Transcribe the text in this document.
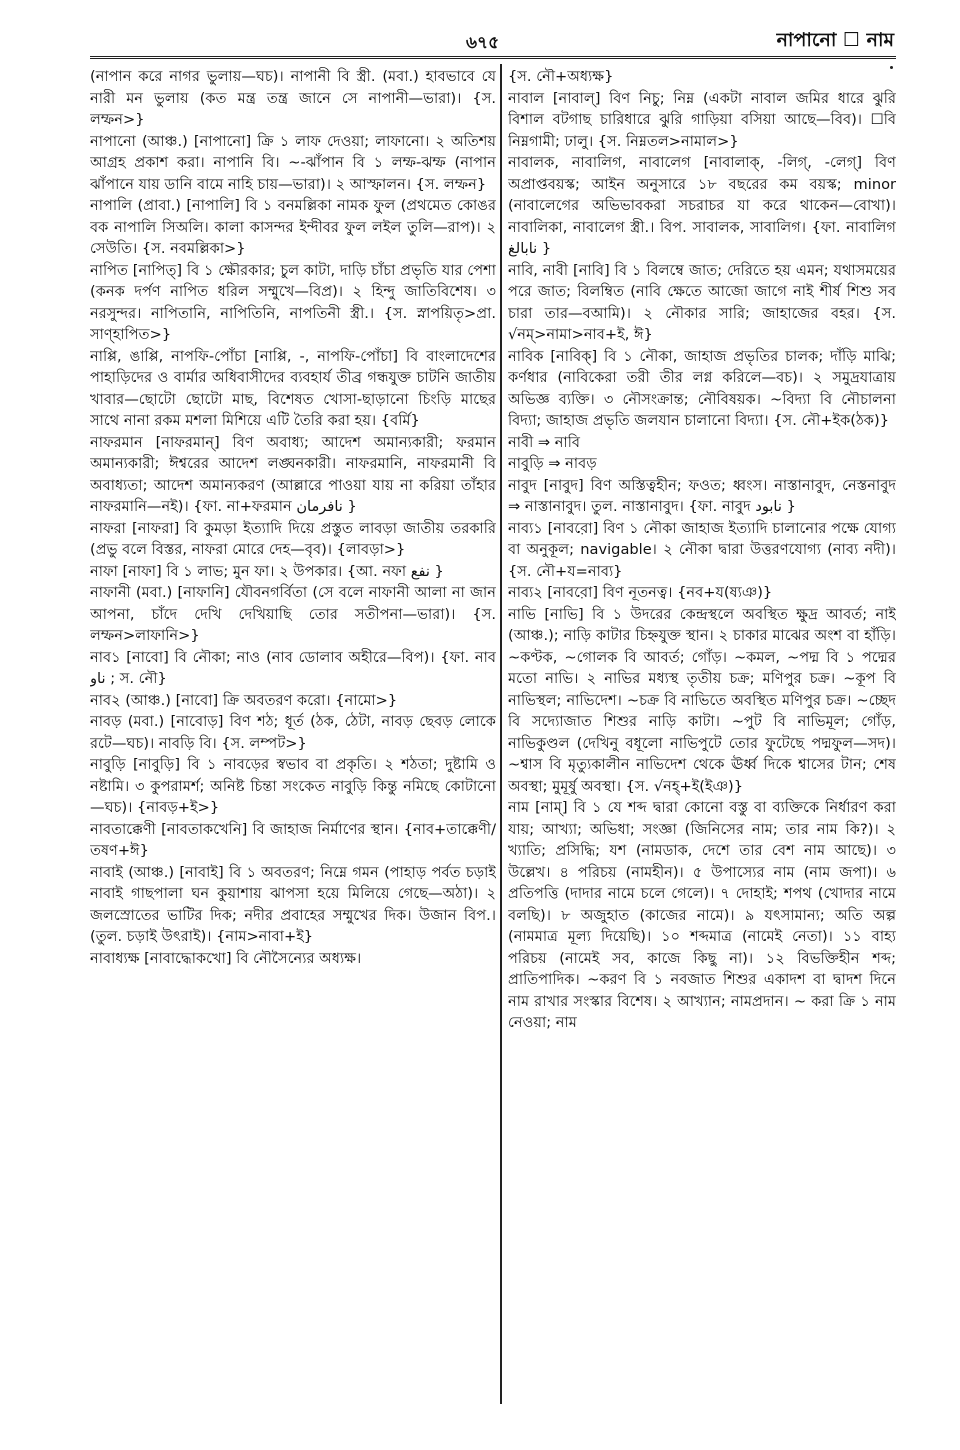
৬৭৫	নাপানো ☐ নাম

(নাপান করে নাগর ভুলায়—ঘচ)। নাপানী বি স্ত্রী. (মবা.) হাবভাবে যে নারী মন ভুলায় (কত মন্ত্র তন্ত্র জানে সে নাপানী—ভারা)। {স. লম্ফন>}

নাপানো (আঞ্চ.) [নাপানো] ক্রি ১ লাফ দেওয়া; লাফানো। ২ অতিশয় আগ্রহ প্রকাশ করা। নাপানি বি। ~-ঝাঁপান বি ১ লম্ফ-ঝম্ফ (নাপান ঝাঁপানে যায় ডানি বামে নাহি চায়—ভারা)। ২ আস্ফালন। {স. লম্ফন}

নাপালি (প্রাবা.) [নাপালি] বি ১ বনমল্লিকা নামক ফুল (প্রথমেত কোঙর বক নাপালি সিঅলি। কালা কাসন্দর ইন্দীবর ফুল লইল তুলি—রাপ)। ২ সেউতি। {স. নবমল্লিকা>}

নাপিত [নাপিত্] বি ১ ক্ষৌরকার; চুল কাটা, দাড়ি চাঁচা প্রভৃতি যার পেশা (কনক দর্পণ নাপিত ধরিল সম্মুখে—বিপ্র)। ২ হিন্দু জাতিবিশেষ। ৩ নরসুন্দর। নাপিতানি, নাপিতিনি, নাপতিনী স্ত্রী.। {স. স্নাপয়িতৃ>প্রা. সাণ্হাপিত>}

নাপ্পি, ঙাপ্পি, নাপফি-পোঁচা [নাপ্পি, -, নাপফি-পোঁচা] বি বাংলাদেশের পাহাড়িদের ও বার্মার অধিবাসীদের ব্যবহার্য তীব্র গন্ধযুক্ত চাটনি জাতীয় খাবার—ছোটো ছোটো মাছ, বিশেষত খোসা-ছাড়ানো চিংড়ি মাছের সাথে নানা রকম মশলা মিশিয়ে এটি তৈরি করা হয়। {বর্মি}

নাফরমান [নাফরমান্] বিণ অবাধ্য; আদেশ অমান্যকারী; ফরমান অমান্যকারী; ঈশ্বরের আদেশ লঙ্ঘনকারী। নাফরমানি, নাফরমানী বি অবাধ্যতা; আদেশ অমান্যকরণ (আল্লারে পাওয়া যায় না করিয়া তাঁহার নাফরমানি—নই)। {ফা. না+ফরমান نافرمان }

নাফরা [নাফরা] বি কুমড়া ইত্যাদি দিয়ে প্রস্তুত লাবড়া জাতীয় তরকারি (প্রভু বলে বিস্তর, নাফরা মোরে দেহ—বৃব)। {লাবড়া>}

নাফা [নাফা] বি ১ লাভ; মুন ফা। ২ উপকার। {আ. নফা نفع }

নাফানী (মবা.) [নাফানি] যৌবনগর্বিতা (সে বলে নাফানী আলা না জান আপনা, চাঁদে দেখি দেখিয়াছি তোর সতীপনা—ভারা)। {স. লম্ফন>লাফানি>}

নাব১ [নাবো] বি নৌকা; নাও (নাব ডোলাব অহীরে—বিপ)। {ফা. নাব ناو ; স. নৌ}

নাব২ (আঞ্চ.) [নাবো] ক্রি অবতরণ করো। {নামো>}

নাবড় (মবা.) [নাবোড়] বিণ শঠ; ধূর্ত (ঠক, ঠেটা, নাবড় ছেবড় লোকে রটে—ঘচ)। নাবড়ি বি। {স. লম্পট>}

নাবুড়ি [নাবুড়ি] বি ১ নাবড়ের স্বভাব বা প্রকৃতি। ২ শঠতা; দুষ্টামি ও নষ্টামি। ৩ কুপরামর্শ; অনিষ্ট চিন্তা সংকেত নাবুড়ি কিন্তু নমিছে কোটানো—ঘচ)। {নাবড়+ই>}

নাবতাক্কেণী [নাবতাকখেনি] বি জাহাজ নির্মাণের স্থান। {নাব+তাক্কেণী/তষণ+ঈ}

নাবাই (আঞ্চ.) [নাবাই] বি ১ অবতরণ; নিম্নে গমন (পাহাড় পর্বত চড়াই নাবাই গাছপালা ঘন কুয়াশায় ঝাপসা হয়ে মিলিয়ে গেছে—অঠা)। ২ জলস্রোতের ভাটির দিক; নদীর প্রবাহের সম্মুখের দিক। উজান বিপ.। (তুল. চড়াই উৎরাই)। {নাম>নাবা+ই}

নাবাধ্যক্ষ [নাবাদ্ধোকখো] বি নৌসৈন্যের অধ্যক্ষ।

{স. নৌ+অধ্যক্ষ}

নাবাল [নাবাল্] বিণ নিচু; নিম্ন (একটা নাবাল জমির ধারে ঝুরি বিশাল বটগাছ চারিধারে ঝুরি গাড়িয়া বসিয়া আছে—বিব)। ☐বি নিম্নগামী; ঢালু। {স. নিম্নতল>নামাল>}

নাবালক, নাবালিগ, নাবালেগ [নাবালাক্, -লিগ্, -লেগ্] বিণ অপ্রাপ্তবয়স্ক; আইন অনুসারে ১৮ বছরের কম বয়স্ক; minor (নাবালেগের অভিভাবকরা সচরাচর যা করে থাকেন—বোখা)। নাবালিকা, নাবালেগ স্ত্রী.। বিপ. সাবালক, সাবালিগ। {ফা. নাবালিগ نابالغ }

নাবি, নাবী [নাবি] বি ১ বিলম্বে জাত; দেরিতে হয় এমন; যথাসময়ের পরে জাত; বিলম্বিত (নাবি ক্ষেতে আজো জাগে নাই শীর্ষ শিশু সব চারা তার—বআমি)। ২ নৌকার সারি; জাহাজের বহর। {স. √নম্>নামা>নাব+ই, ঈ}

নাবিক [নাবিক্] বি ১ নৌকা, জাহাজ প্রভৃতির চালক; দাঁড়ি মাঝি; কর্ণধার (নাবিকেরা তরী তীর লগ্ন করিলে—বচ)। ২ সমুদ্রযাত্রায় অভিজ্ঞ ব্যক্তি। ৩ নৌসংক্রান্ত; নৌবিষয়ক। ~বিদ্যা বি নৌচালনা বিদ্যা; জাহাজ প্রভৃতি জলযান চালানো বিদ্যা। {স. নৌ+ইক(ঠক)}

নাবী ⇒ নাবি

নাবুড়ি ⇒ নাবড়

নাবুদ [নাবুদ] বিণ অস্তিত্বহীন; ফওত; ধ্বংস। নাস্তানাবুদ, নেস্তনাবুদ ⇒ নাস্তানাবুদ। তুল. নাস্তানাবুদ। {ফা. নাবুদ نابود }

নাব্য১ [নাবব়ো] বিণ ১ নৌকা জাহাজ ইত্যাদি চালানোর পক্ষে যোগ্য বা অনুকূল; navigable। ২ নৌকা দ্বারা উত্তরণযোগ্য (নাব্য নদী)। {স. নৌ+য=নাব্য}

নাব্য২ [নাবব়ো] বিণ নূতনত্ব। {নব+য(ষ্যঞ)}

নাভি [নাভি] বি ১ উদরের কেন্দ্রস্থলে অবস্থিত ক্ষুদ্র আবর্ত; নাই (আঞ্চ.); নাড়ি কাটার চিহ্নযুক্ত স্থান। ২ চাকার মাঝের অংশ বা হাঁড়ি। ~কণ্টক, ~গোলক বি আবর্ত; গোঁড়। ~কমল, ~পদ্ম বি ১ পদ্মের মতো নাভি। ২ নাভির মধ্যস্থ তৃতীয় চক্র; মণিপুর চক্র। ~কূপ বি নাভিস্থল; নাভিদেশ। ~চক্র বি নাভিতে অবস্থিত মণিপুর চক্র। ~চ্ছেদ বি সদ্যোজাত শিশুর নাড়ি কাটা। ~পুট বি নাভিমূল; গোঁড়, নাভিকুণ্ডল (দেখিনু বধূলো নাভিপুটে তোর ফুটেছে পদ্মফুল—সদ)। ~শ্বাস বি মৃত্যুকালীন নাভিদেশ থেকে ঊর্ধ্ব দিকে শ্বাসের টান; শেষ অবস্থা; মুমূর্ষু অবস্থা। {স. √নহ্+ই(ইঞ)}

নাম [নাম্] বি ১ যে শব্দ দ্বারা কোনো বস্তু বা ব্যক্তিকে নির্ধারণ করা যায়; আখ্যা; অভিধা; সংজ্ঞা (জিনিসের নাম; তার নাম কি?)। ২ খ্যাতি; প্রসিদ্ধি; যশ (নামডাক, দেশে তার বেশ নাম আছে)। ৩ উল্লেখ। ৪ পরিচয় (নামহীন)। ৫ উপাস্যের নাম (নাম জপা)। ৬ প্রতিপত্তি (দাদার নামে চলে গেলে)। ৭ দোহাই; শপথ (খোদার নামে বলছি)। ৮ অজুহাত (কাজের নামে)। ৯ যৎসামান্য; অতি অল্প (নামমাত্র মূল্য দিয়েছি)। ১০ শব্দমাত্র (নামেই নেতা)। ১১ বাহ্য পরিচয় (নামেই সব, কাজে কিছু না)। ১২ বিভক্তিহীন শব্দ; প্রাতিপাদিক। ~করণ বি ১ নবজাত শিশুর একাদশ বা দ্বাদশ দিনে নাম রাখার সংস্কার বিশেষ। ২ আখ্যান; নামপ্রদান। ~ করা ক্রি ১ নাম নেওয়া; নাম
